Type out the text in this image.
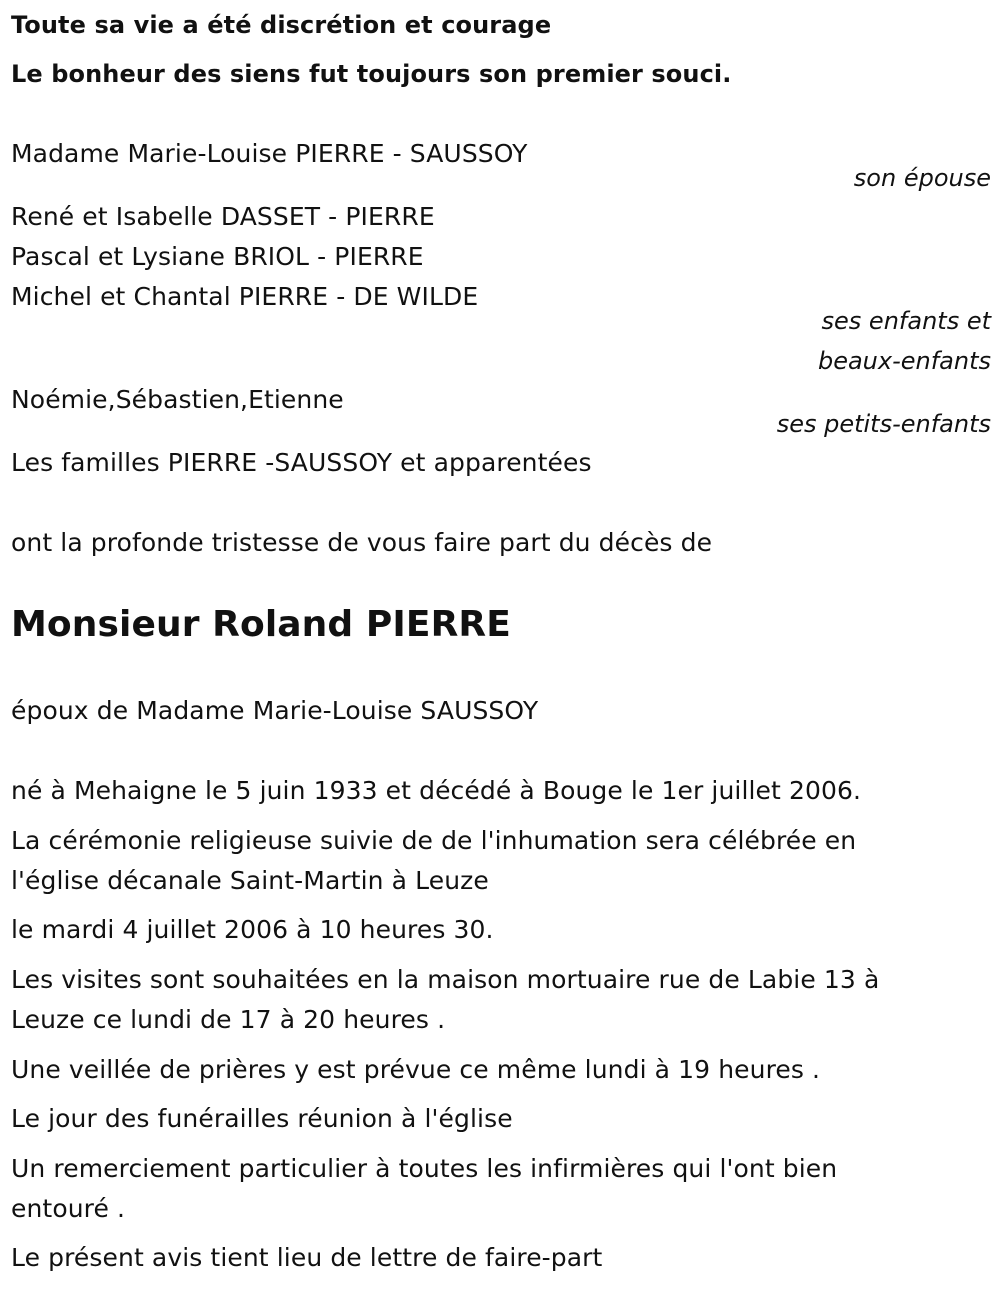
Toute sa vie a été discrétion et courage
Le bonheur des siens fut toujours son premier souci.
Madame Marie-Louise PIERRE - SAUSSOY
son épouse
René et Isabelle DASSET - PIERRE
Pascal et Lysiane BRIOL - PIERRE
Michel et Chantal PIERRE - DE WILDE
ses enfants et
beaux-enfants
Noémie,Sébastien,Etienne
ses petits-enfants
Les familles PIERRE -SAUSSOY et apparentées
ont la profonde tristesse de vous faire part du décès de
Monsieur Roland PIERRE
époux de Madame Marie-Louise SAUSSOY
né à Mehaigne le 5 juin 1933 et décédé à Bouge le 1er juillet 2006.
La cérémonie religieuse suivie de de l'inhumation sera célébrée en
l'église décanale Saint-Martin à Leuze
le mardi 4 juillet 2006 à 10 heures 30.
Les visites sont souhaitées en la maison mortuaire rue de Labie 13 à
Leuze ce lundi de 17 à 20 heures .
Une veillée de prières y est prévue ce même lundi à 19 heures .
Le jour des funérailles réunion à l'église
Un remerciement particulier à toutes les infirmières qui l'ont bien
entouré .
Le présent avis tient lieu de lettre de faire-part
